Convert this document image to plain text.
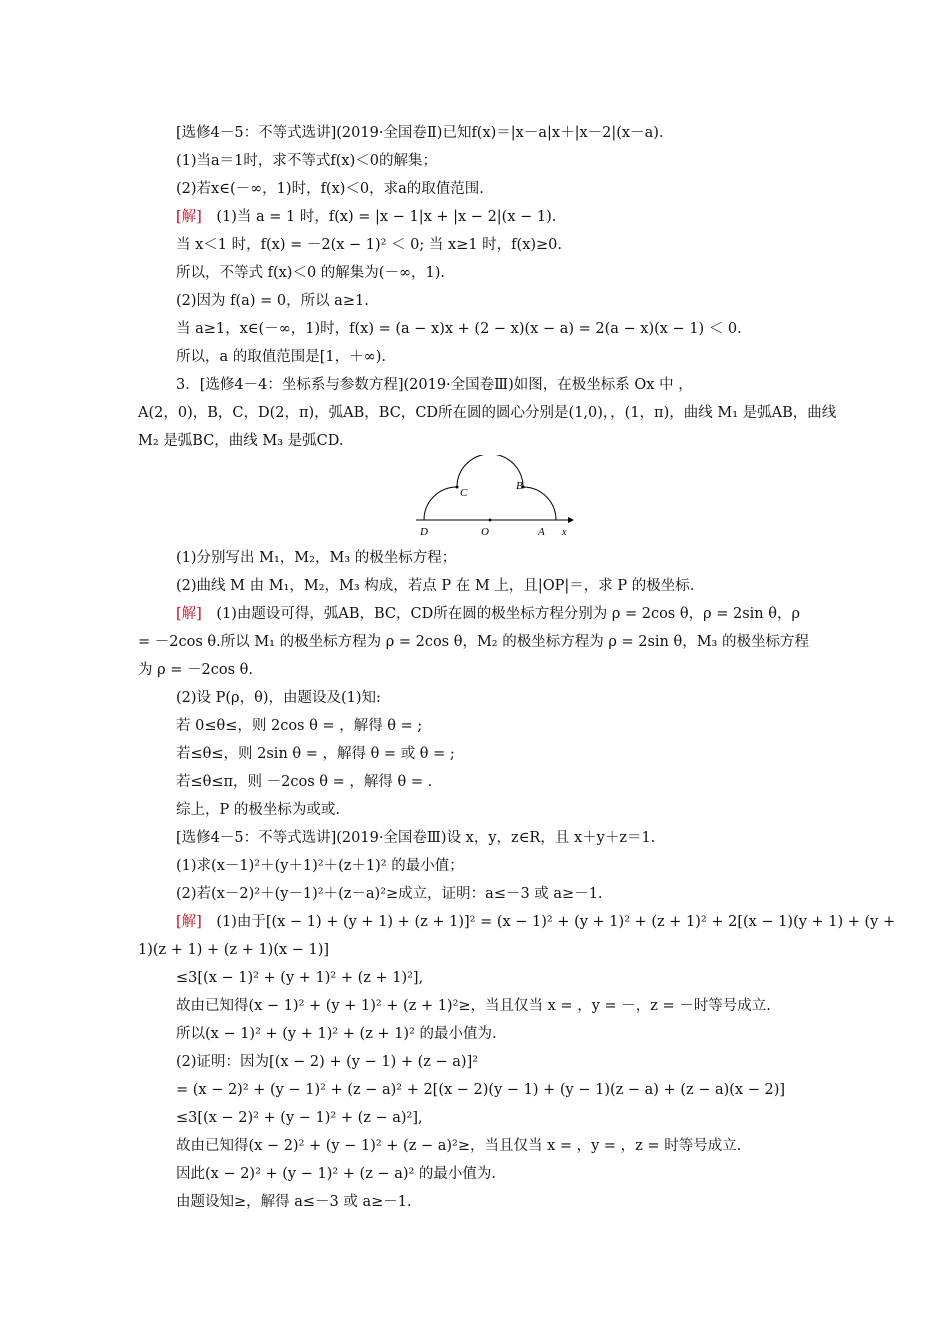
[选修4－5：不等式选讲](2019·全国卷Ⅱ)已知f(x)＝|x－a|x＋|x－2|(x－a).
(1)当a＝1时，求不等式f(x)＜0的解集；
(2)若x∈(－∞，1)时，f(x)＜0，求a的取值范围.
[解]　(1)当 a = 1 时，f(x) = |x − 1|x + |x − 2|(x − 1).
当 x＜1 时，f(x) = －2(x − 1)² ＜ 0; 当 x≥1 时，f(x)≥0.
所以，不等式 f(x)＜0 的解集为(－∞，1).
(2)因为 f(a) = 0，所以 a≥1.
当 a≥1，x∈(－∞，1)时，f(x) = (a − x)x + (2 − x)(x − a) = 2(a − x)(x − 1) ＜ 0.
所以，a 的取值范围是[1，＋∞).
3．[选修4－4：坐标系与参数方程](2019·全国卷Ⅲ)如图，在极坐标系 Ox 中 ，
A(2，0)，B，C，D(2，π)，弧AB，BC，CD所在圆的圆心分别是(1,0)，，(1，π)，曲线 M₁ 是弧AB，曲线
M₂ 是弧BC，曲线 M₃ 是弧CD.
D	O	A
C
B
x
(1)分别写出 M₁，M₂，M₃ 的极坐标方程；
(2)曲线 M 由 M₁，M₂，M₃ 构成，若点 P 在 M 上，且|OP|＝，求 P 的极坐标.
[解]　(1)由题设可得，弧AB，BC，CD所在圆的极坐标方程分别为 ρ = 2cos θ，ρ = 2sin θ，ρ
= －2cos θ.所以 M₁ 的极坐标方程为 ρ = 2cos θ，M₂ 的极坐标方程为 ρ = 2sin θ，M₃ 的极坐标方程
为 ρ = －2cos θ.
(2)设 P(ρ，θ)，由题设及(1)知:
若 0≤θ≤，则 2cos θ = ，解得 θ = ;
若≤θ≤，则 2sin θ = ，解得 θ = 或 θ = ;
若≤θ≤π，则 －2cos θ = ，解得 θ = .
综上，P 的极坐标为或或.
[选修4－5：不等式选讲](2019·全国卷Ⅲ)设 x，y，z∈R，且 x＋y＋z＝1.
(1)求(x－1)²＋(y＋1)²＋(z＋1)² 的最小值；
(2)若(x－2)²＋(y－1)²＋(z－a)²≥成立，证明：a≤－3 或 a≥－1.
[解]　(1)由于[(x − 1) + (y + 1) + (z + 1)]² = (x − 1)² + (y + 1)² + (z + 1)² + 2[(x − 1)(y + 1) + (y +
1)(z + 1) + (z + 1)(x − 1)]
≤3[(x − 1)² + (y + 1)² + (z + 1)²],
故由已知得(x − 1)² + (y + 1)² + (z + 1)²≥，当且仅当 x = ，y = －，z = －时等号成立.
所以(x − 1)² + (y + 1)² + (z + 1)² 的最小值为.
(2)证明：因为[(x − 2) + (y − 1) + (z − a)]²
= (x − 2)² + (y − 1)² + (z − a)² + 2[(x − 2)(y − 1) + (y − 1)(z − a) + (z − a)(x − 2)]
≤3[(x − 2)² + (y − 1)² + (z − a)²],
故由已知得(x − 2)² + (y − 1)² + (z − a)²≥，当且仅当 x = ，y = ，z = 时等号成立.
因此(x − 2)² + (y − 1)² + (z − a)² 的最小值为.
由题设知≥，解得 a≤－3 或 a≥－1.
